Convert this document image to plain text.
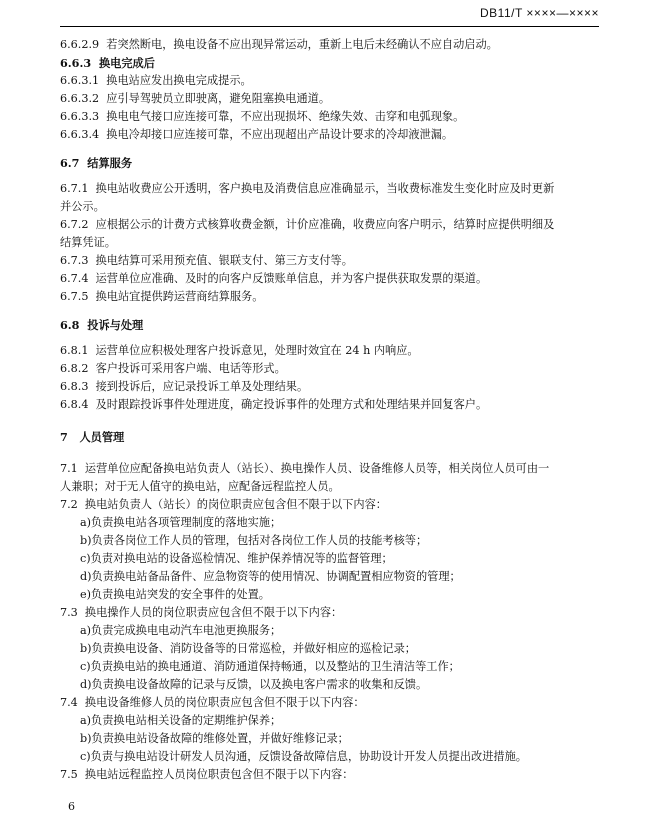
DB11/T ××××—××××
6.6.2.9 若突然断电，换电设备不应出现异常运动，重新上电后未经确认不应自动启动。
6.6.3 换电完成后
6.6.3.1 换电站应发出换电完成提示。
6.6.3.2 应引导驾驶员立即驶离，避免阻塞换电通道。
6.6.3.3 换电电气接口应连接可靠，不应出现损坏、绝缘失效、击穿和电弧现象。
6.6.3.4 换电冷却接口应连接可靠，不应出现超出产品设计要求的冷却液泄漏。
6.7 结算服务
6.7.1 换电站收费应公开透明，客户换电及消费信息应准确显示，当收费标准发生变化时应及时更新
并公示。
6.7.2 应根据公示的计费方式核算收费金额，计价应准确，收费应向客户明示，结算时应提供明细及
结算凭证。
6.7.3 换电结算可采用预充值、银联支付、第三方支付等。
6.7.4 运营单位应准确、及时的向客户反馈账单信息，并为客户提供获取发票的渠道。
6.7.5 换电站宜提供跨运营商结算服务。
6.8 投诉与处理
6.8.1 运营单位应积极处理客户投诉意见，处理时效宜在 24 h 内响应。
6.8.2 客户投诉可采用客户端、电话等形式。
6.8.3 接到投诉后，应记录投诉工单及处理结果。
6.8.4 及时跟踪投诉事件处理进度，确定投诉事件的处理方式和处理结果并回复客户。
7 人员管理
7.1 运营单位应配备换电站负责人（站长）、换电操作人员、设备维修人员等，相关岗位人员可由一
人兼职；对于无人值守的换电站，应配备远程监控人员。
7.2 换电站负责人（站长）的岗位职责应包含但不限于以下内容：
a)负责换电站各项管理制度的落地实施；
b)负责各岗位工作人员的管理，包括对各岗位工作人员的技能考核等；
c)负责对换电站的设备巡检情况、维护保养情况等的监督管理；
d)负责换电站备品备件、应急物资等的使用情况、协调配置相应物资的管理；
e)负责换电站突发的安全事件的处置。
7.3 换电操作人员的岗位职责应包含但不限于以下内容：
a)负责完成换电电动汽车电池更换服务；
b)负责换电设备、消防设备等的日常巡检，并做好相应的巡检记录；
c)负责换电站的换电通道、消防通道保持畅通，以及整站的卫生清洁等工作；
d)负责换电设备故障的记录与反馈，以及换电客户需求的收集和反馈。
7.4 换电设备维修人员的岗位职责应包含但不限于以下内容：
a)负责换电站相关设备的定期维护保养；
b)负责换电站设备故障的维修处置，并做好维修记录；
c)负责与换电站设计研发人员沟通，反馈设备故障信息，协助设计开发人员提出改进措施。
7.5 换电站远程监控人员岗位职责包含但不限于以下内容：
6
